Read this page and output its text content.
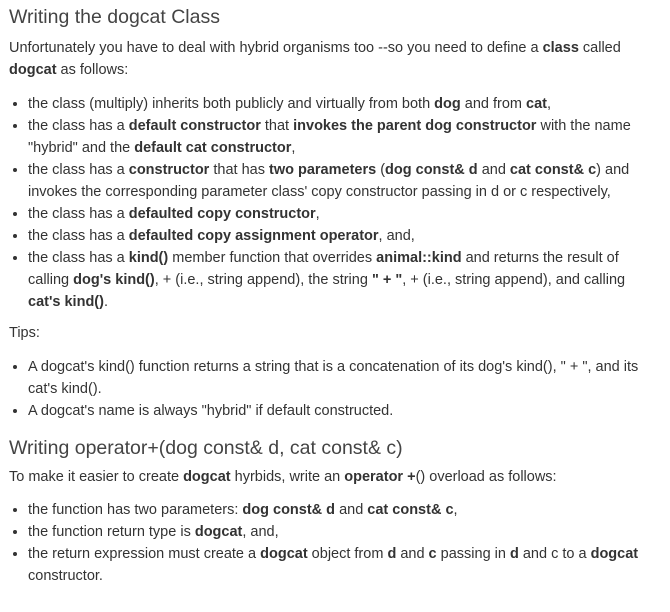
Writing the dogcat Class

Unfortunately you have to deal with hybrid organisms too --so you need to define a class called dogcat as follows:

• the class (multiply) inherits both publicly and virtually from both dog and from cat,
• the class has a default constructor that invokes the parent dog constructor with the name "hybrid" and the default cat constructor,
• the class has a constructor that has two parameters (dog const& d and cat const& c) and invokes the corresponding parameter class' copy constructor passing in d or c respectively,
• the class has a defaulted copy constructor,
• the class has a defaulted copy assignment operator, and,
• the class has a kind() member function that overrides animal::kind and returns the result of calling dog's kind(), + (i.e., string append), the string " + ", + (i.e., string append), and calling cat's kind().

Tips:

• A dogcat's kind() function returns a string that is a concatenation of its dog's kind(), " + ", and its cat's kind().
• A dogcat's name is always "hybrid" if default constructed.
Writing operator+(dog const& d, cat const& c)

To make it easier to create dogcat hyrbids, write an operator +() overload as follows:

• the function has two parameters: dog const& d and cat const& c,
• the function return type is dogcat, and,
• the return expression must create a dogcat object from d and c passing in d and c to a dogcat constructor.
